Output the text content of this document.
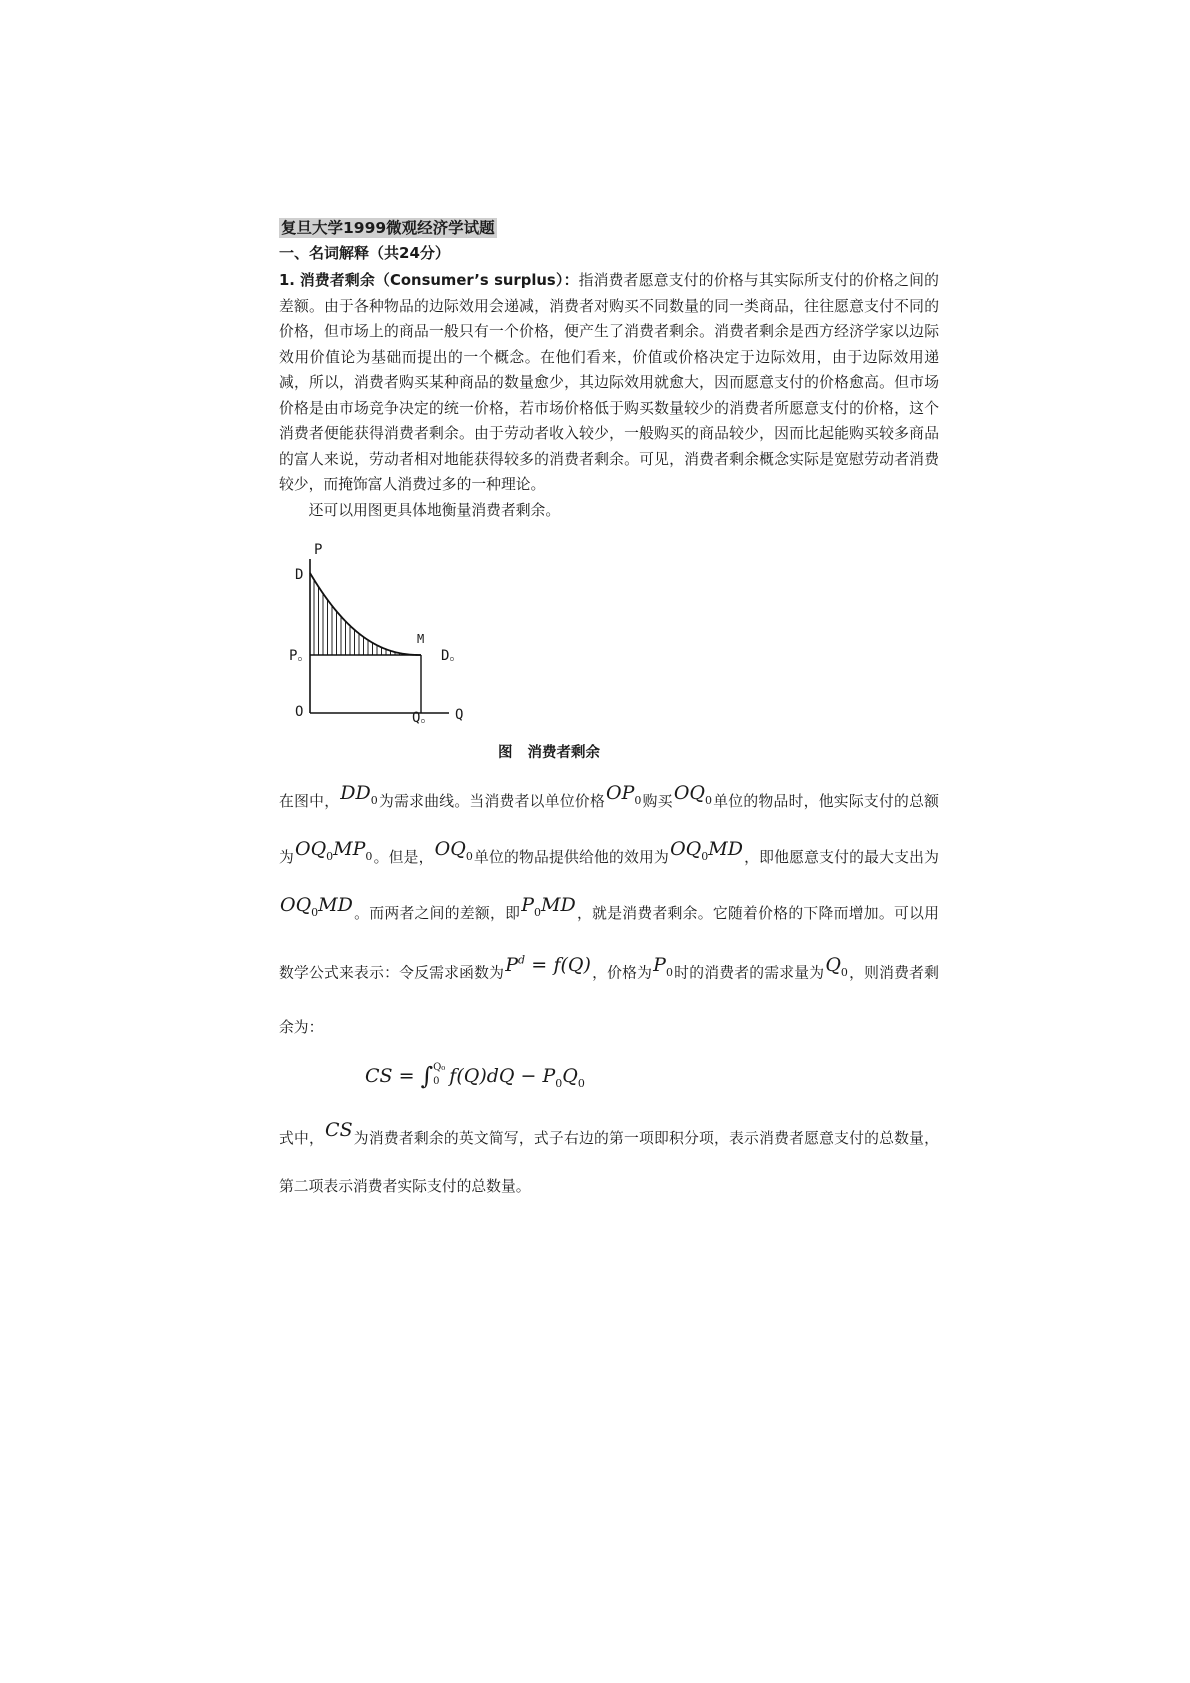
复旦大学1999微观经济学试题
一、名词解释（共24分）

1. 消费者剩余（Consumer’s surplus）：指消费者愿意支付的价格与其实际所支付的价格之间的差额。由于各种物品的边际效用会递减，消费者对购买不同数量的同一类商品，往往愿意支付不同的价格，但市场上的商品一般只有一个价格，便产生了消费者剩余。消费者剩余是西方经济学家以边际效用价值论为基础而提出的一个概念。在他们看来，价值或价格决定于边际效用，由于边际效用递减，所以，消费者购买某种商品的数量愈少，其边际效用就愈大，因而愿意支付的价格愈高。但市场价格是由市场竞争决定的统一价格，若市场价格低于购买数量较少的消费者所愿意支付的价格，这个消费者便能获得消费者剩余。由于劳动者收入较少，一般购买的商品较少，因而比起能购买较多商品的富人来说，劳动者相对地能获得较多的消费者剩余。可见，消费者剩余概念实际是宽慰劳动者消费较少，而掩饰富人消费过多的一种理论。

还可以用图更具体地衡量消费者剩余。

P
D
P。
M
D。
O	Q。 Q
图 消费者剩余

在图中，$DD_0$为需求曲线。当消费者以单位价格$OP_0$购买$OQ_0$单位的物品时，他实际支付的总额为$OQ_0MP_0$。但是，$OQ_0$单位的物品提供给他的效用为$OQ_0MD$，即他愿意支付的最大支出为$OQ_0MD$。而两者之间的差额，即$P_0MD$，就是消费者剩余。它随着价格的下降而增加。可以用数学公式来表示：令反需求函数为$P^d = f(Q)$，价格为$P_0$时的消费者的需求量为$Q_0$，则消费者剩余为：

CS = ∫ Q₀
0 $f(Q)dQ - P_0Q_0$

式中，CS为消费者剩余的英文简写，式子右边的第一项即积分项，表示消费者愿意支付的总数量，第二项表示消费者实际支付的总数量。
